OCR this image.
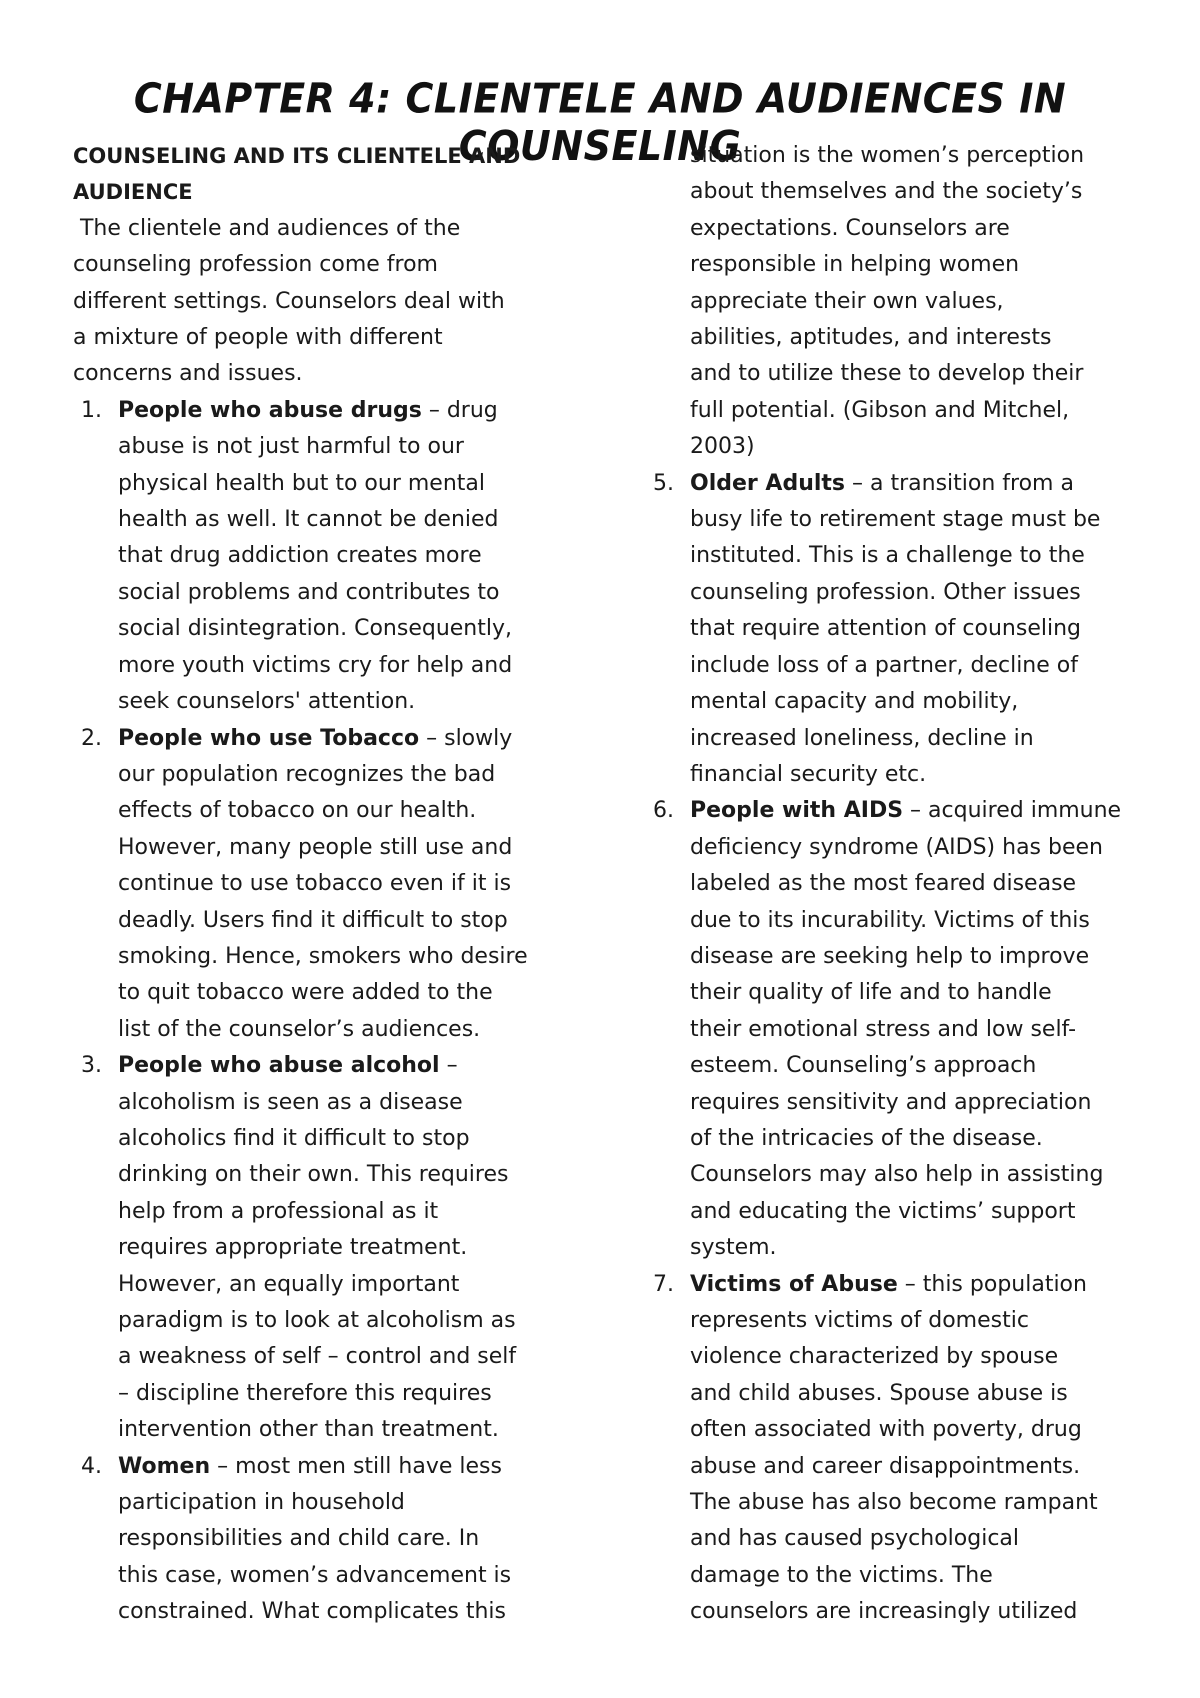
CHAPTER 4: CLIENTELE AND AUDIENCES IN COUNSELING

COUNSELING AND ITS CLIENTELE AND
AUDIENCE

The clientele and audiences of the
counseling profession come from
different settings. Counselors deal with
a mixture of people with different
concerns and issues.

1. People who abuse drugs – drug
abuse is not just harmful to our
physical health but to our mental
health as well. It cannot be denied
that drug addiction creates more
social problems and contributes to
social disintegration. Consequently,
more youth victims cry for help and
seek counselors' attention.
2. People who use Tobacco – slowly
our population recognizes the bad
effects of tobacco on our health.
However, many people still use and
continue to use tobacco even if it is
deadly. Users find it difficult to stop
smoking. Hence, smokers who desire
to quit tobacco were added to the
list of the counselor’s audiences.
3. People who abuse alcohol –
alcoholism is seen as a disease
alcoholics find it difficult to stop
drinking on their own. This requires
help from a professional as it
requires appropriate treatment.
However, an equally important
paradigm is to look at alcoholism as
a weakness of self – control and self
– discipline therefore this requires
intervention other than treatment.
4. Women – most men still have less
participation in household
responsibilities and child care. In
this case, women’s advancement is
constrained. What complicates this
situation is the women’s perception
about themselves and the society’s
expectations. Counselors are
responsible in helping women
appreciate their own values,
abilities, aptitudes, and interests
and to utilize these to develop their
full potential. (Gibson and Mitchel,
2003)
5. Older Adults – a transition from a
busy life to retirement stage must be
instituted. This is a challenge to the
counseling profession. Other issues
that require attention of counseling
include loss of a partner, decline of
mental capacity and mobility,
increased loneliness, decline in
financial security etc.
6. People with AIDS – acquired immune
deficiency syndrome (AIDS) has been
labeled as the most feared disease
due to its incurability. Victims of this
disease are seeking help to improve
their quality of life and to handle
their emotional stress and low self-
esteem. Counseling’s approach
requires sensitivity and appreciation
of the intricacies of the disease.
Counselors may also help in assisting
and educating the victims’ support
system.
7. Victims of Abuse – this population
represents victims of domestic
violence characterized by spouse
and child abuses. Spouse abuse is
often associated with poverty, drug
abuse and career disappointments.
The abuse has also become rampant
and has caused psychological
damage to the victims. The
counselors are increasingly utilized
